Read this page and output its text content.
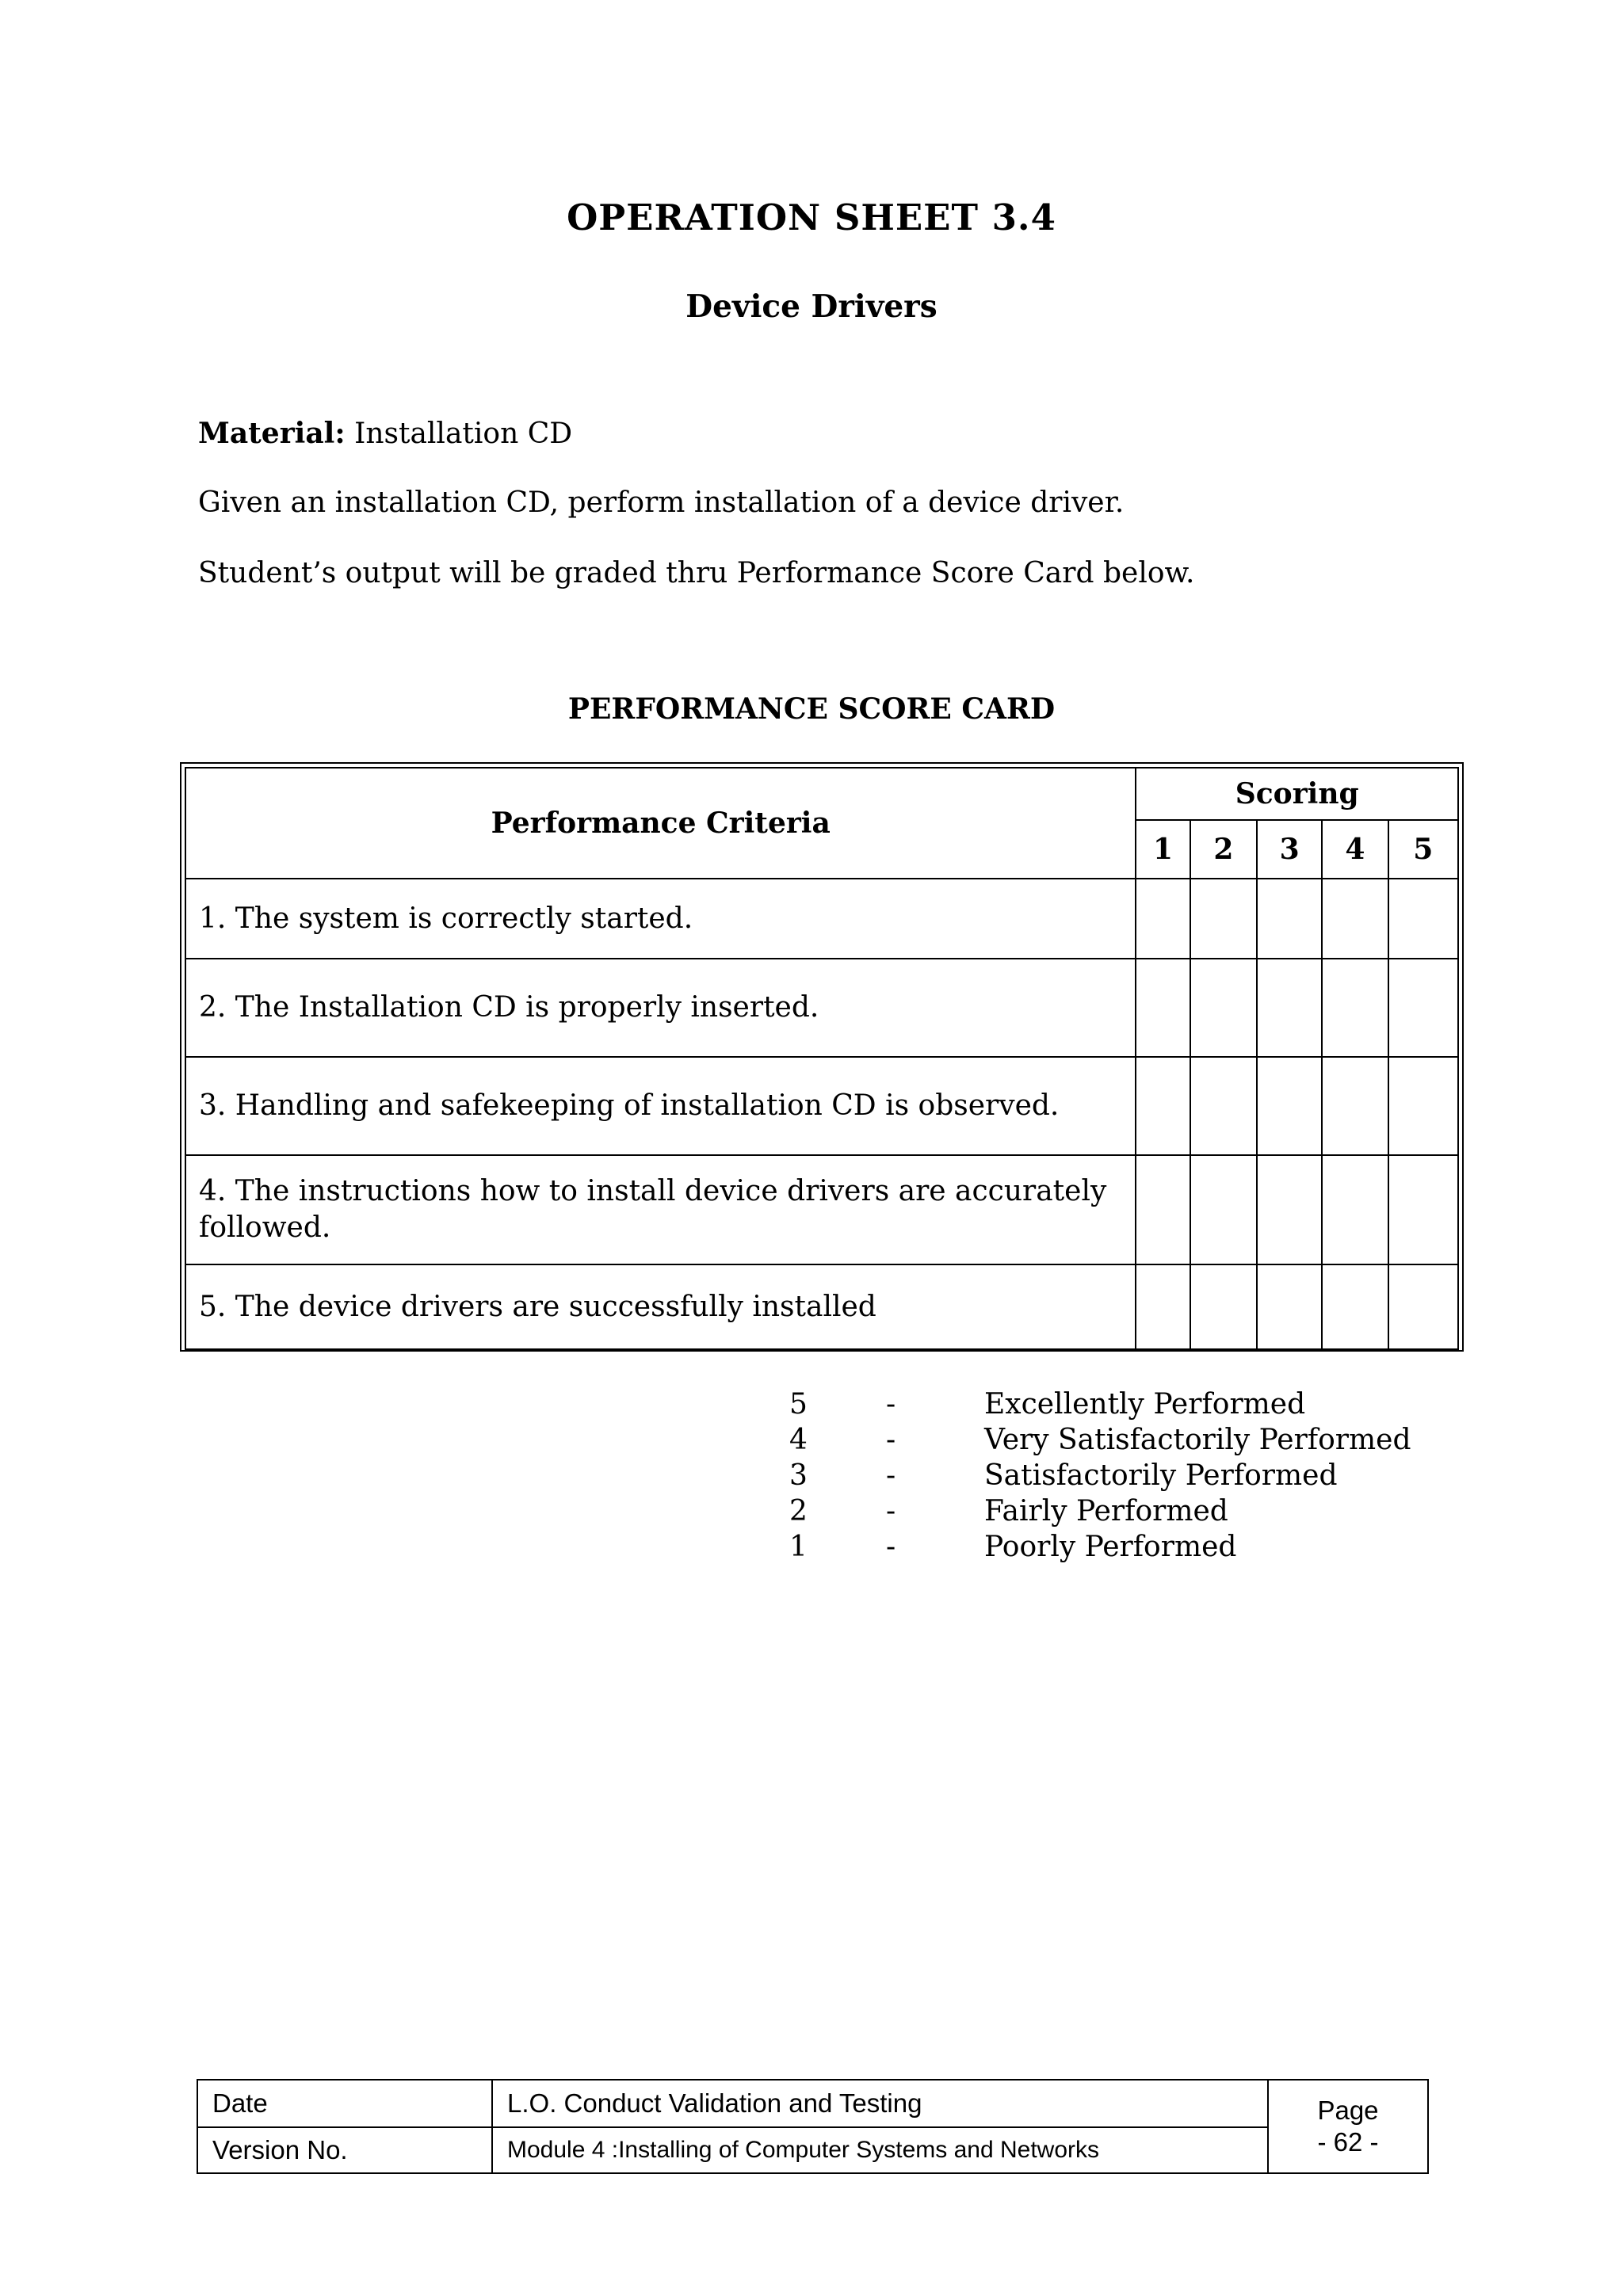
OPERATION SHEET 3.4
Device Drivers
Material: Installation CD
Given an installation CD, perform installation of a device driver.
Student’s output will be graded thru Performance Score Card below.
PERFORMANCE SCORE CARD
Performance Criteria	Scoring				
	1	2	3	4	5
1. The system is correctly started.					
2. The Installation CD is properly inserted.					
3. Handling and safekeeping of installation CD is observed.					
4. The instructions how to install device drivers are accurately followed.					
5. The device drivers are successfully installed					
5	-	Excellently Performed
4	-	Very Satisfactorily Performed
3	-	Satisfactorily Performed
2	-	Fairly Performed
1	-	Poorly Performed
Date	L.O. Conduct Validation and Testing	Page
- 62 -

Version No.	Module 4 :Installing of Computer Systems and Networks	
